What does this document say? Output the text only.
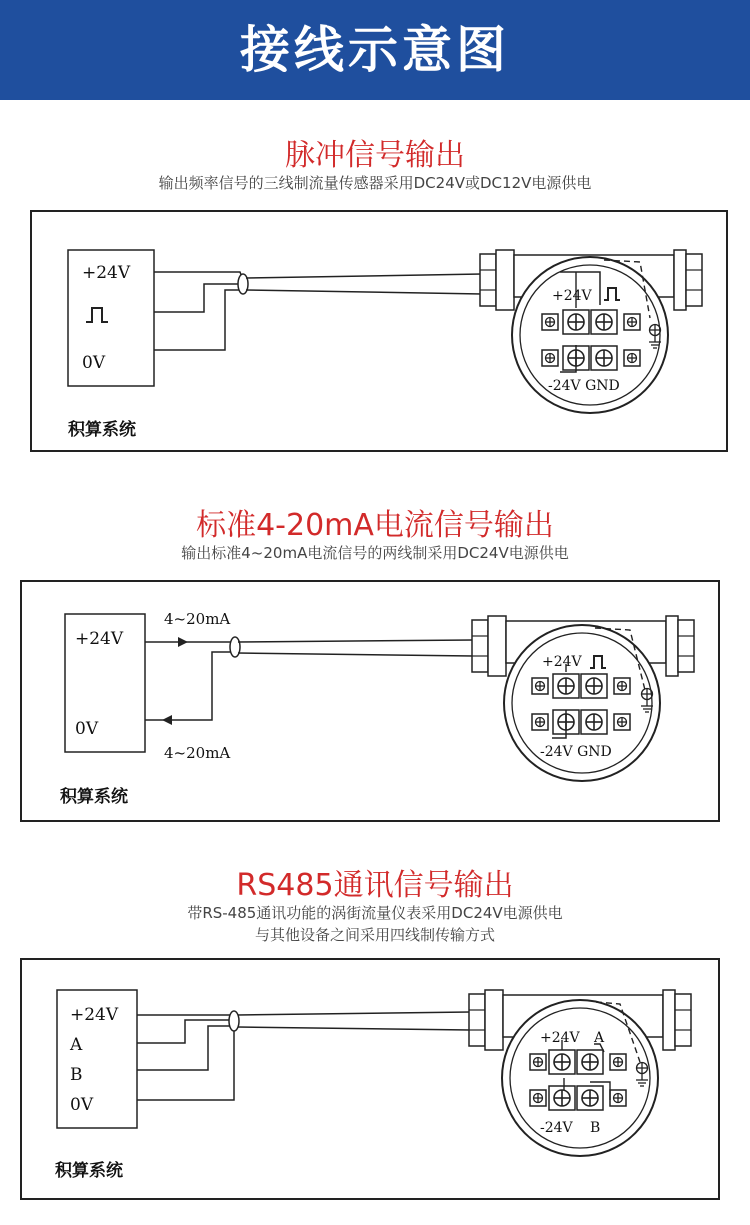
接线示意图
脉冲信号输出
输出频率信号的三线制流量传感器采用DC24V或DC12V电源供电
标准4-20mA电流信号输出
输出标准4~20mA电流信号的两线制采用DC24V电源供电
RS485通讯信号输出
带RS-485通讯功能的涡街流量仪表采用DC24V电源供电
与其他设备之间采用四线制传输方式
+24V
0V
+24V
-24V GND
+24V
0V
4~20mA
4~20mA
+24V
-24V GND
+24V
A
B
0V
+24V A
-24V B
积算系统
积算系统
积算系统
